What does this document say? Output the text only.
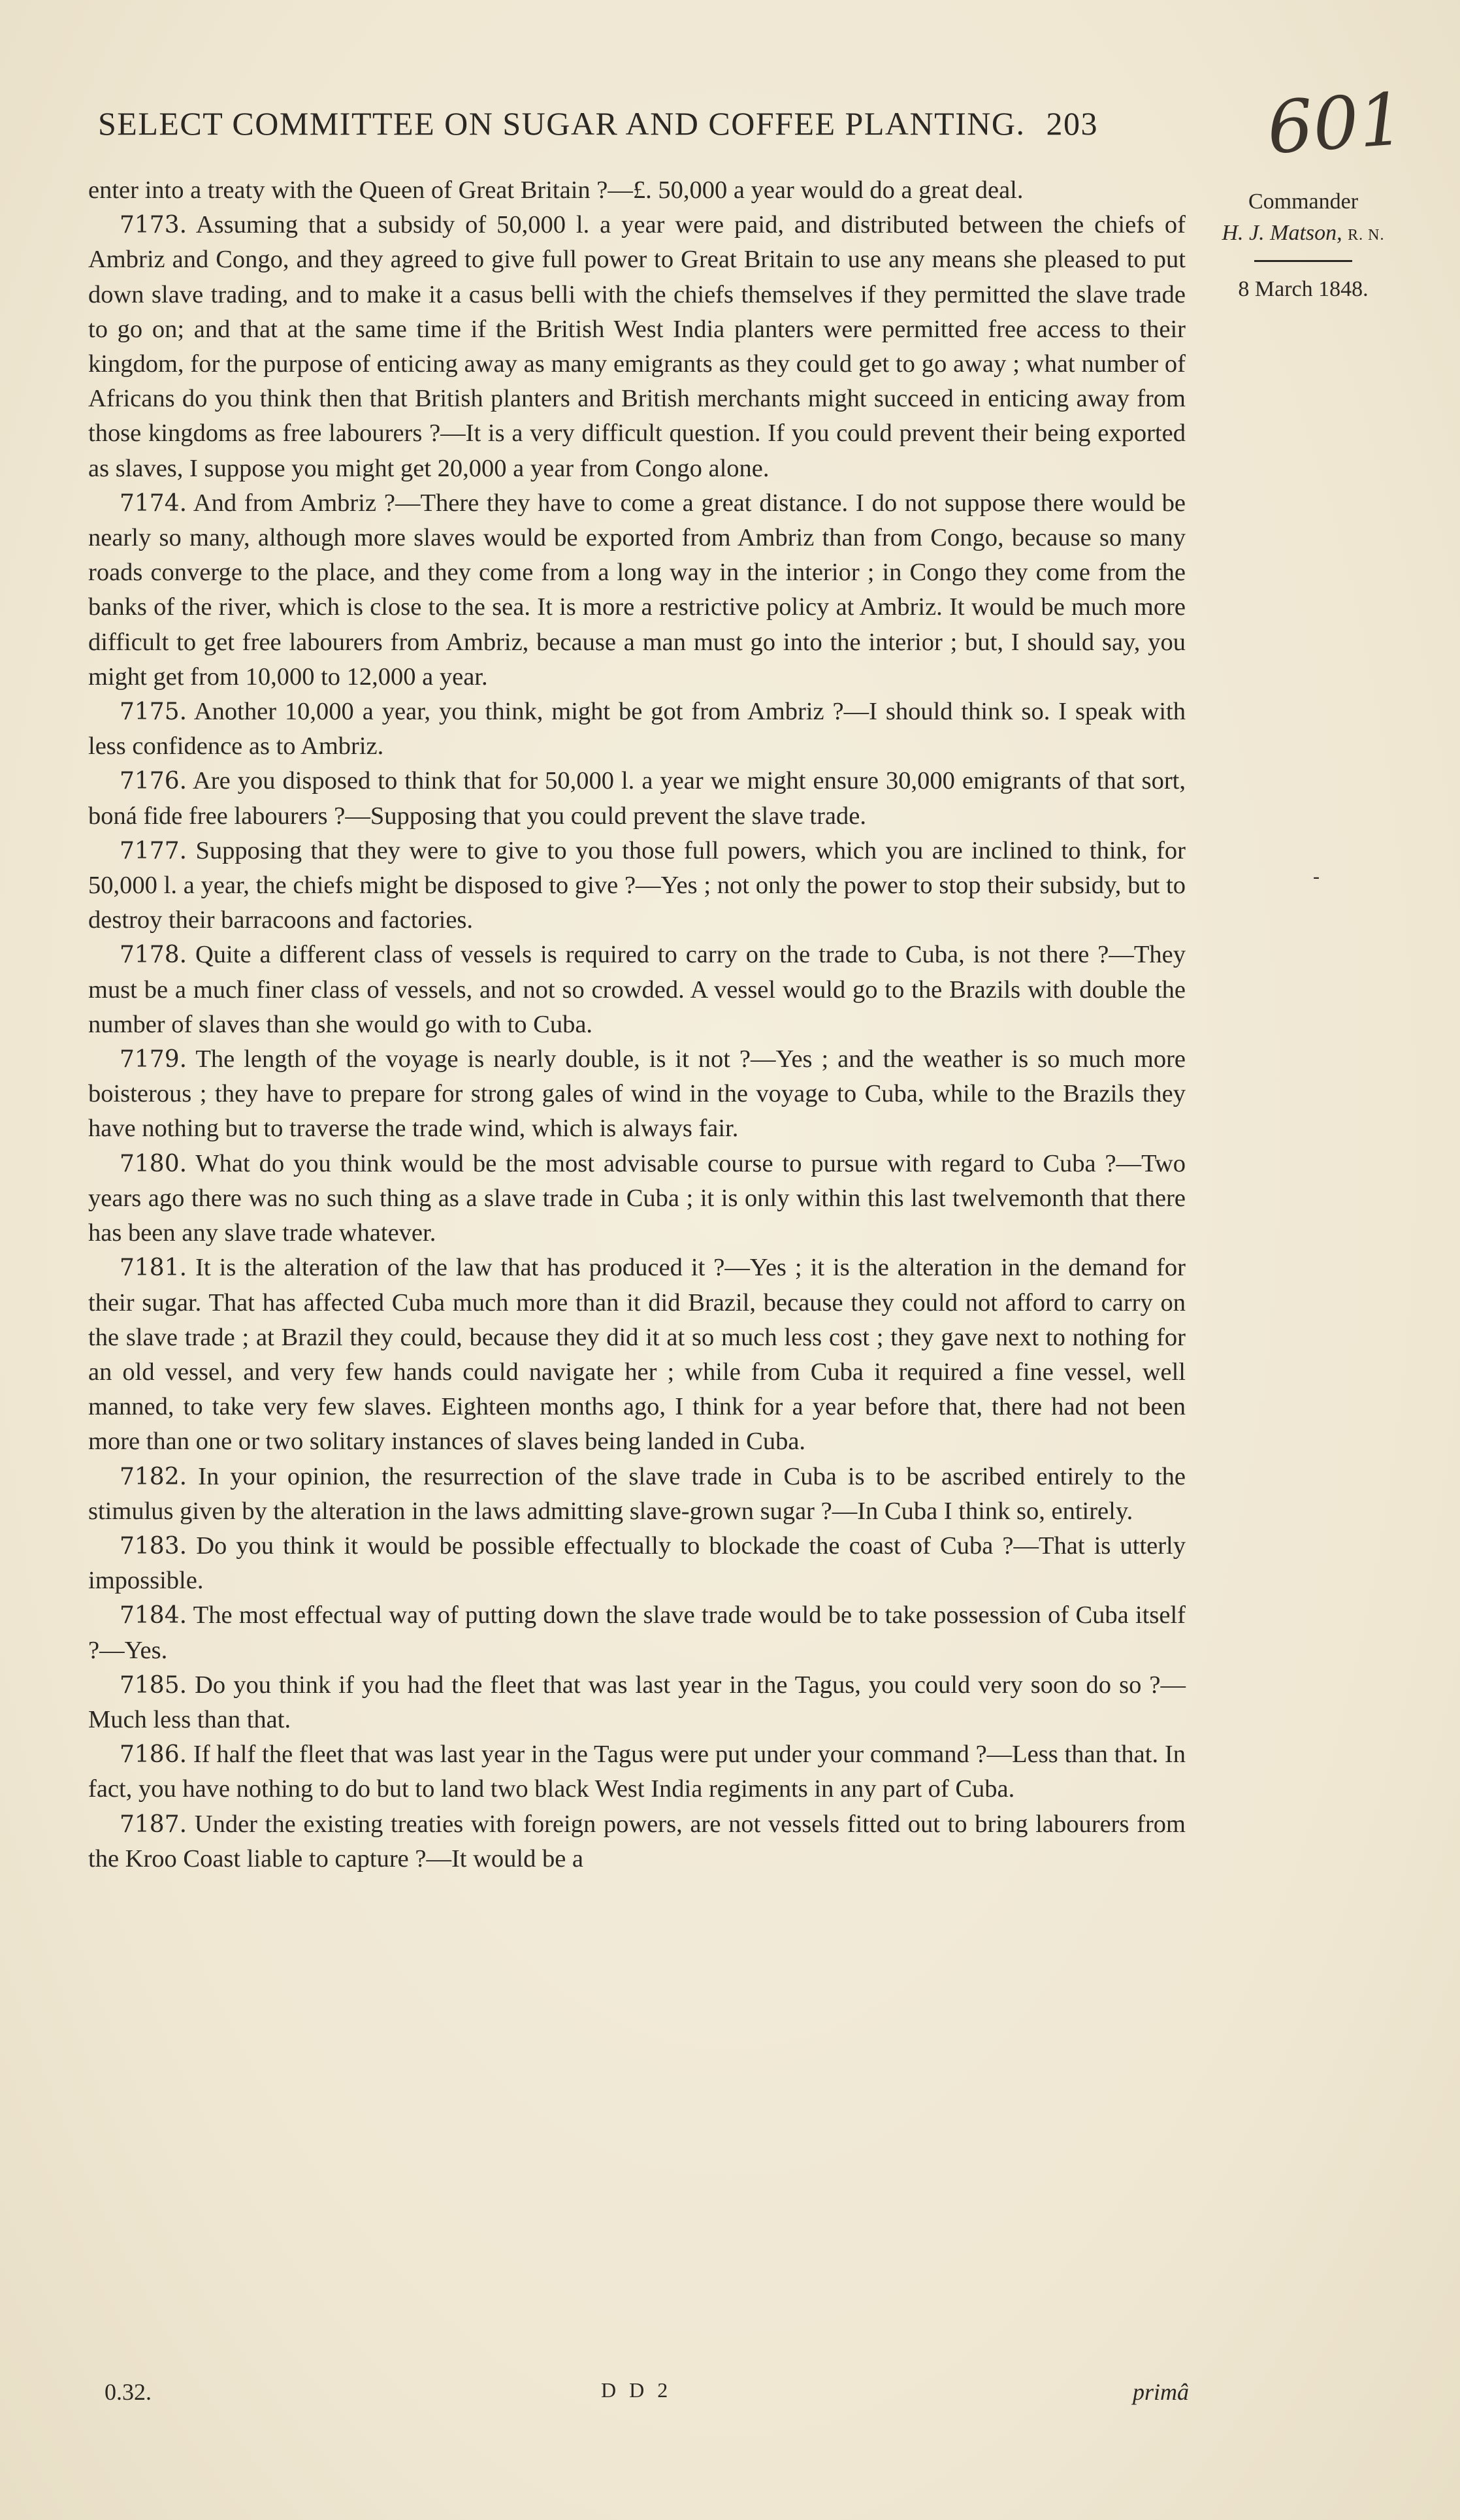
SELECT COMMITTEE ON SUGAR AND COFFEE PLANTING. 203	601
Commander
H. J. Matson, R. N.
8 March 1848.
-

enter into a treaty with the Queen of Great Britain ?—£. 50,000 a year would do a great deal.

7173. Assuming that a subsidy of 50,000 l. a year were paid, and distributed between the chiefs of Ambriz and Congo, and they agreed to give full power to Great Britain to use any means she pleased to put down slave trading, and to make it a casus belli with the chiefs themselves if they permitted the slave trade to go on; and that at the same time if the British West India planters were permitted free access to their kingdom, for the purpose of enticing away as many emigrants as they could get to go away ; what number of Africans do you think then that British planters and British merchants might succeed in enticing away from those kingdoms as free labourers ?—It is a very difficult question. If you could prevent their being exported as slaves, I suppose you might get 20,000 a year from Congo alone.

7174. And from Ambriz ?—There they have to come a great distance. I do not suppose there would be nearly so many, although more slaves would be exported from Ambriz than from Congo, because so many roads converge to the place, and they come from a long way in the interior ; in Congo they come from the banks of the river, which is close to the sea. It is more a restrictive policy at Ambriz. It would be much more difficult to get free labourers from Ambriz, because a man must go into the interior ; but, I should say, you might get from 10,000 to 12,000 a year.

7175. Another 10,000 a year, you think, might be got from Ambriz ?—I should think so. I speak with less confidence as to Ambriz.

7176. Are you disposed to think that for 50,000 l. a year we might ensure 30,000 emigrants of that sort, boná fide free labourers ?—Supposing that you could prevent the slave trade.

7177. Supposing that they were to give to you those full powers, which you are inclined to think, for 50,000 l. a year, the chiefs might be disposed to give ?—Yes ; not only the power to stop their subsidy, but to destroy their barracoons and factories.

7178. Quite a different class of vessels is required to carry on the trade to Cuba, is not there ?—They must be a much finer class of vessels, and not so crowded. A vessel would go to the Brazils with double the number of slaves than she would go with to Cuba.

7179. The length of the voyage is nearly double, is it not ?—Yes ; and the weather is so much more boisterous ; they have to prepare for strong gales of wind in the voyage to Cuba, while to the Brazils they have nothing but to traverse the trade wind, which is always fair.

7180. What do you think would be the most advisable course to pursue with regard to Cuba ?—Two years ago there was no such thing as a slave trade in Cuba ; it is only within this last twelvemonth that there has been any slave trade whatever.

7181. It is the alteration of the law that has produced it ?—Yes ; it is the alteration in the demand for their sugar. That has affected Cuba much more than it did Brazil, because they could not afford to carry on the slave trade ; at Brazil they could, because they did it at so much less cost ; they gave next to nothing for an old vessel, and very few hands could navigate her ; while from Cuba it required a fine vessel, well manned, to take very few slaves. Eighteen months ago, I think for a year before that, there had not been more than one or two solitary instances of slaves being landed in Cuba.

7182. In your opinion, the resurrection of the slave trade in Cuba is to be ascribed entirely to the stimulus given by the alteration in the laws admitting slave-grown sugar ?—In Cuba I think so, entirely.

7183. Do you think it would be possible effectually to blockade the coast of Cuba ?—That is utterly impossible.

7184. The most effectual way of putting down the slave trade would be to take possession of Cuba itself ?—Yes.

7185. Do you think if you had the fleet that was last year in the Tagus, you could very soon do so ?—Much less than that.

7186. If half the fleet that was last year in the Tagus were put under your command ?—Less than that. In fact, you have nothing to do but to land two black West India regiments in any part of Cuba.

7187. Under the existing treaties with foreign powers, are not vessels fitted out to bring labourers from the Kroo Coast liable to capture ?—It would be a

0.32.	D D 2	primâ
